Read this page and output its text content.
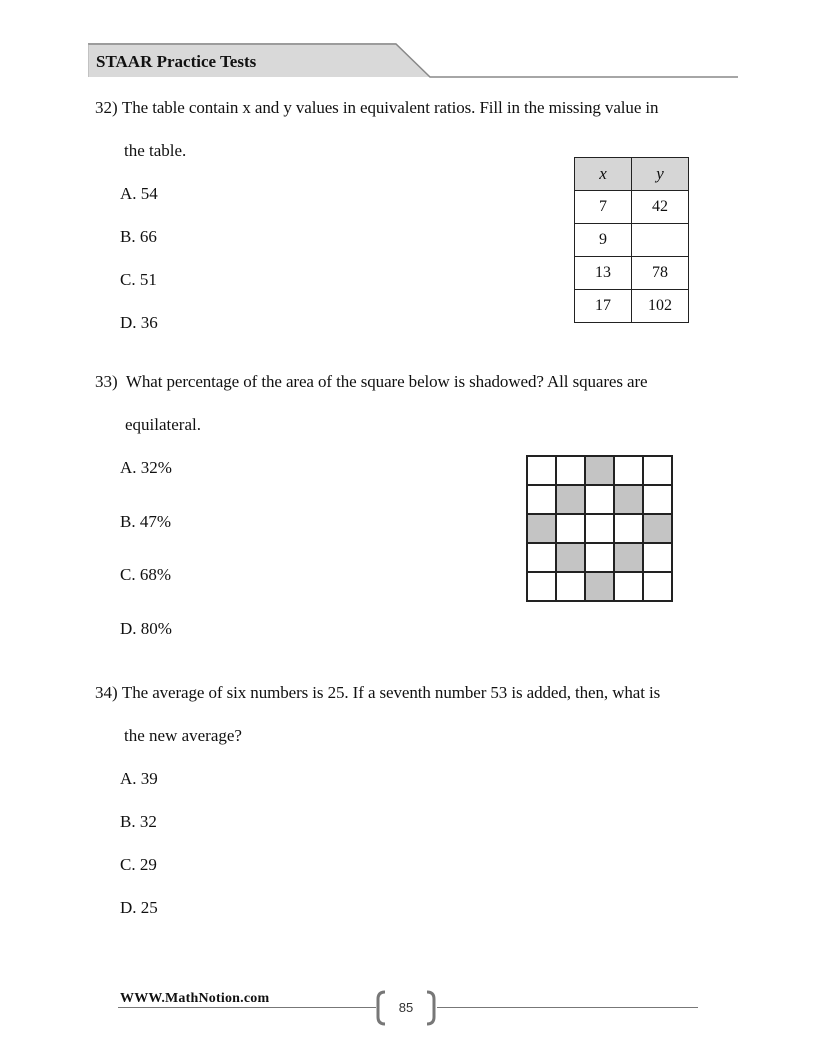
STAAR Practice Tests
32) The table contain x and y values in equivalent ratios. Fill in the missing value in
the table.
A. 54
B. 66
C. 51
D. 36
x	y
7	42
9	
13	78
17	102
33) What percentage of the area of the square below is shadowed? All squares are
equilateral.
A. 32%
B. 47%
C. 68%
D. 80%
34) The average of six numbers is 25. If a seventh number 53 is added, then, what is
the new average?
A. 39
B. 32
C. 29
D. 25
WWW.MathNotion.com
85
